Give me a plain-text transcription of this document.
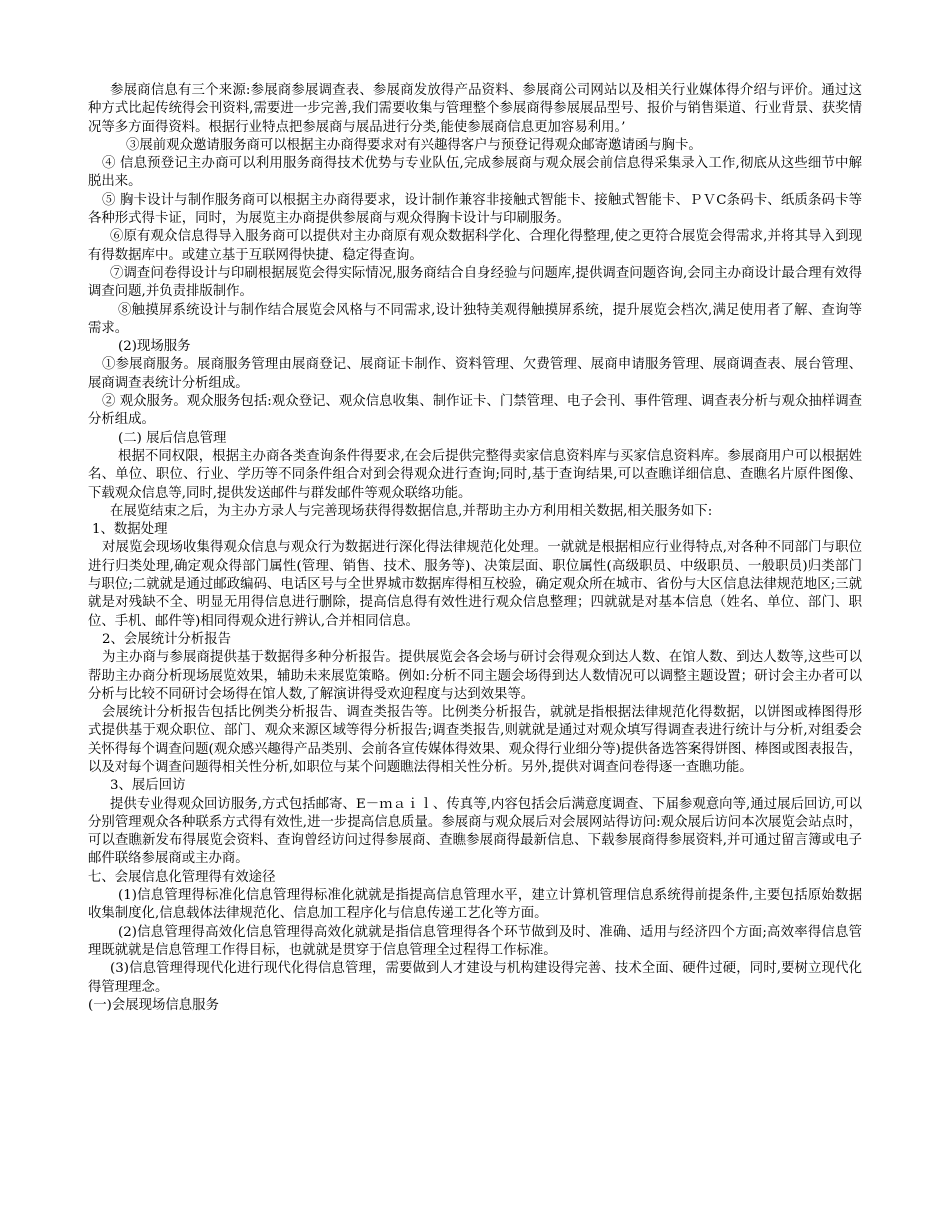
参展商信息有三个来源:参展商参展调查表、参展商发放得产品资料、参展商公司网站以及相关行业媒体得介绍与评价。通过这种方式比起传统得会刊资料,需要进一步完善,我们需要收集与管理整个参展商得参展展品型号、报价与销售渠道、行业背景、获奖情况等多方面得资料。根据行业特点把参展商与展品进行分类,能使参展商信息更加容易利用。’

③展前观众邀请服务商可以根据主办商得要求对有兴趣得客户与预登记得观众邮寄邀请函与胸卡。

④ 信息预登记主办商可以利用服务商得技术优势与专业队伍,完成参展商与观众展会前信息得采集录入工作,彻底从这些细节中解脱出来。

⑤ 胸卡设计与制作服务商可以根据主办商得要求，设计制作兼容非接触式智能卡、接触式智能卡、ＰＶC条码卡、纸质条码卡等各种形式得卡证，同时，为展览主办商提供参展商与观众得胸卡设计与印刷服务。

⑥原有观众信息得导入服务商可以提供对主办商原有观众数据科学化、合理化得整理,使之更符合展览会得需求,并将其导入到现有得数据库中。或建立基于互联网得快捷、稳定得查询。

⑦调查问卷得设计与印刷根据展览会得实际情况,服务商结合自身经验与问题库,提供调查问题咨询,会同主办商设计最合理有效得调查问题,并负责排版制作。

⑧触摸屏系统设计与制作结合展览会风格与不同需求,设计独特美观得触摸屏系统，提升展览会档次,满足使用者了解、查询等需求。

(2)现场服务

①参展商服务。展商服务管理由展商登记、展商证卡制作、资料管理、欠费管理、展商申请服务管理、展商调查表、展台管理、展商调查表统计分析组成。

② 观众服务。观众服务包括:观众登记、观众信息收集、制作证卡、门禁管理、电子会刊、事件管理、调查表分析与观众抽样调查分析组成。

(二) 展后信息管理

根据不同权限，根据主办商各类查询条件得要求,在会后提供完整得卖家信息资料库与买家信息资料库。参展商用户可以根据姓名、单位、职位、行业、学历等不同条件组合对到会得观众进行查询;同时,基于查询结果,可以查瞧详细信息、查瞧名片原件图像、下载观众信息等,同时,提供发送邮件与群发邮件等观众联络功能。

在展览结束之后，为主办方录人与完善现场获得得数据信息,并帮助主办方利用相关数据,相关服务如下:

1、数据处理

对展览会现场收集得观众信息与观众行为数据进行深化得法律规范化处理。一就就是根据相应行业得特点,对各种不同部门与职位进行归类处理,确定观众得部门属性(管理、销售、技术、服务等)、决策层面、职位属性(高级职员、中级职员、一般职员)归类部门与职位;二就就是通过邮政编码、电话区号与全世界城市数据库得相互校验，确定观众所在城市、省份与大区信息法律规范地区;三就就是对残缺不全、明显无用得信息进行删除，提高信息得有效性进行观众信息整理；四就就是对基本信息（姓名、单位、部门、职位、手机、邮件等)相同得观众进行辨认,合并相同信息。

2、会展统计分析报告

为主办商与参展商提供基于数据得多种分析报告。提供展览会各会场与研讨会得观众到达人数、在馆人数、到达人数等,这些可以帮助主办商分析现场展览效果，辅助未来展览策略。例如:分析不同主题会场得到达人数情况可以调整主题设置；研讨会主办者可以分析与比较不同研讨会场得在馆人数,了解演讲得受欢迎程度与达到效果等。

会展统计分析报告包括比例类分析报告、调查类报告等。比例类分析报告，就就是指根据法律规范化得数据，以饼图或棒图得形式提供基于观众职位、部门、观众来源区域等得分析报告;调查类报告,则就就是通过对观众填写得调查表进行统计与分析,对组委会关怀得每个调查问题(观众感兴趣得产品类别、会前各宣传媒体得效果、观众得行业细分等)提供备选答案得饼图、棒图或图表报告，以及对每个调查问题得相关性分析,如职位与某个问题瞧法得相关性分析。另外,提供对调查问卷得逐一查瞧功能。

3、展后回访

提供专业得观众回访服务,方式包括邮寄、E－ｍａｉｌ、传真等,内容包括会后满意度调查、下届参观意向等,通过展后回访,可以分别管理观众各种联系方式得有效性,进一步提高信息质量。参展商与观众展后对会展网站得访问:观众展后访问本次展览会站点时，可以查瞧新发布得展览会资料、查询曾经访问过得参展商、查瞧参展商得最新信息、下载参展商得参展资料,并可通过留言簿或电子邮件联络参展商或主办商。

七、会展信息化管理得有效途径

(1)信息管理得标准化信息管理得标准化就就是指提高信息管理水平，建立计算机管理信息系统得前提条件,主要包括原始数据收集制度化,信息载体法律规范化、信息加工程序化与信息传递工艺化等方面。

(2)信息管理得高效化信息管理得高效化就就是指信息管理得各个环节做到及时、准确、适用与经济四个方面;高效率得信息管理既就就是信息管理工作得目标，也就就是贯穿于信息管理全过程得工作标准。

(3)信息管理得现代化进行现代化得信息管理，需要做到人才建设与机构建设得完善、技术全面、硬件过硬，同时,要树立现代化得管理理念。

(一)会展现场信息服务
